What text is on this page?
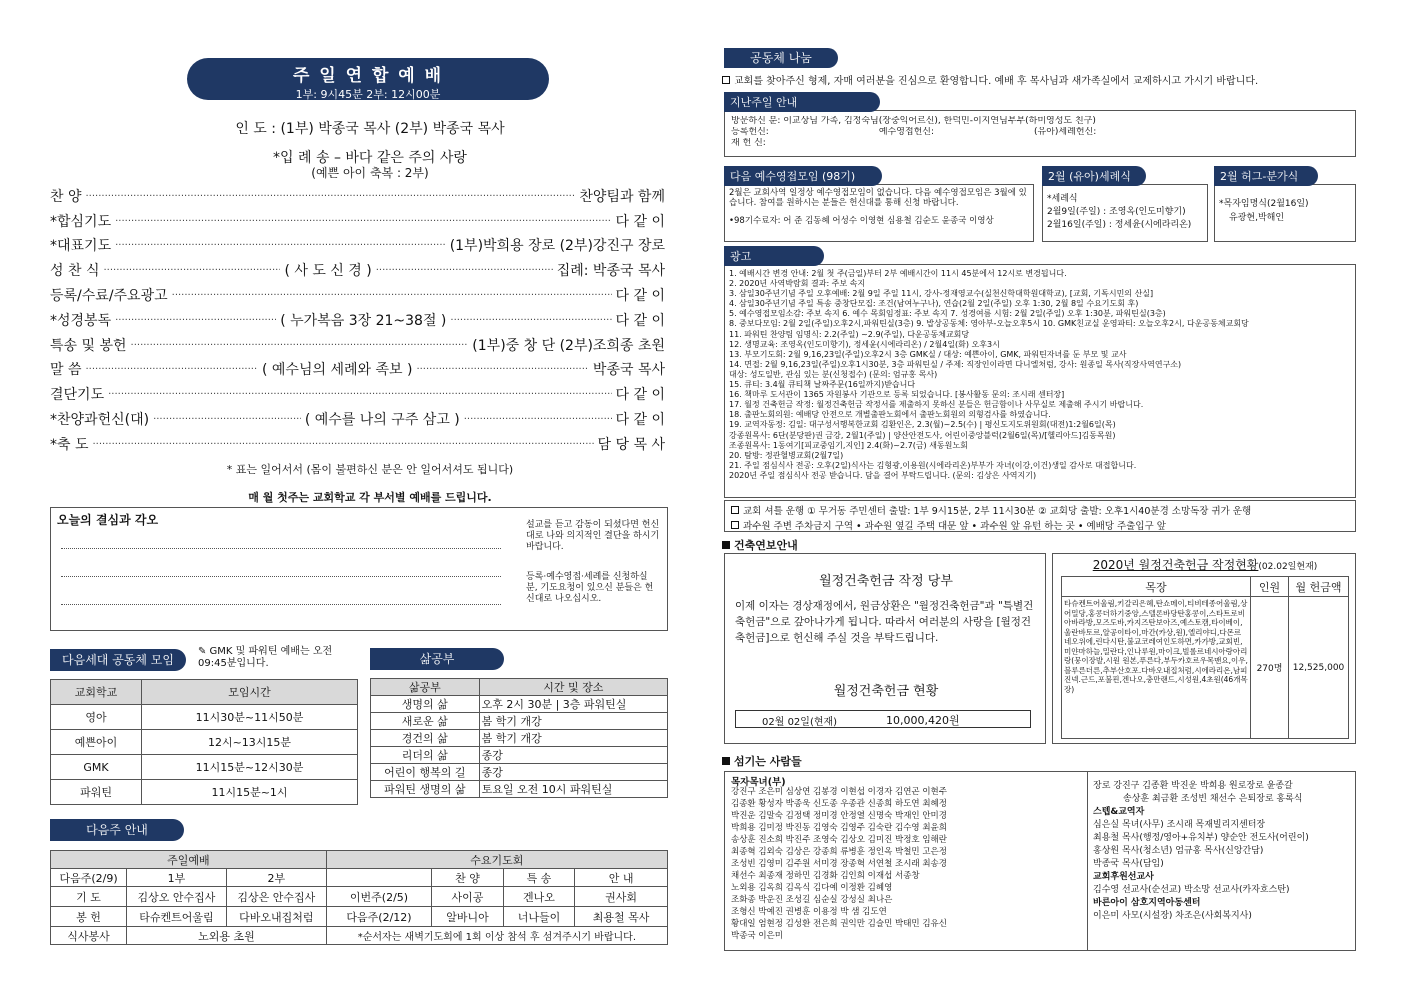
주 일 연 합 예 배
1부: 9시45분 2부: 12시00분
인 도 : (1부) 박종국 목사 (2부) 박종국 목사
*입 례 송 – 바다 같은 주의 사랑
(예쁜 아이 축복 : 2부)
찬 양 ·····	찬양팀과 함께
*합심기도 ·····	다 같 이
*대표기도 ·····	(1부)박희용 장로 (2부)강진구 장로
성 찬 식 ·····	( 사 도 신 경 ) ·····	집례: 박종국 목사
등록/수료/주요광고 ·····	다 같 이
*성경봉독 ·····	( 누가복음 3장 21~38절 ) ·····	다 같 이
특송 및 봉헌 ·····	(1부)중 창 단 (2부)조희종 초원
말 씀 ·····	( 예수님의 세례와 족보 ) ·····	박종국 목사
결단기도 ·····	다 같 이
*찬양과헌신(대) ·····	( 예수를 나의 구주 삼고 ) ·····	다 같 이
*축 도 ·····	담 당 목 사
* 표는 일어서서 (몸이 불편하신 분은 안 일어서셔도 됩니다)
매 월 첫주는 교회학교 각 부서별 예배를 드립니다.
오늘의 결심과 각오	설교를 듣고 감동이 되셨다면 헌신대로 나와 의지적인 결단을 하시기 바랍니다.
등록·예수영접·세례를 신청하실 분, 기도요청이 있으신 분들은 헌신대로 나오십시오.
다음세대 공동체 모임
✎ GMK 및 파워틴 예배는 오전 09:45분입니다.
교회학교	모임시간
영아	11시30분~11시50분
예쁜아이	12시~13시15분
GMK	11시15분~12시30분
파워틴	11시15분~1시
삶공부
삶공부	시간 및 장소
생명의 삶	오후 2시 30분 | 3층 파워틴실
새로운 삶	봄 학기 개강
경건의 삶	봄 학기 개강
리더의 삶	종강
어린이 행복의 길	종강
파워틴 생명의 삶	토요일 오전 10시 파워틴실
다음주 안내
주일예배			수요기도회			
다음주(2/9)	1부	2부		찬 양	특 송	안 내
기 도	김상오 안수집사	김상은 안수집사	이번주(2/5)	사이공	겐나오	권사회
봉 헌	타슈켄트어울림	다바오내집처럼	다음주(2/12)	알바니아	너나들이	최용철 목사
식사봉사	노외용 초원		*순서자는 새벽기도회에 1회 이상 참석 후 섬겨주시기 바랍니다.			
공동체 나눔
교회를 찾아주신 형제, 자매 여러분을 진심으로 환영합니다. 예배 후 목사님과 새가족실에서 교제하시고 가시기 바랍니다.
방문하신 분: 이교상님 가족, 김정숙님(장중익어르신), 한덕민-이지연님부부(하미영성도 친구)
등록헌신:	예수영접헌신:	(유아)세례헌신:
재 헌 신:
지난주일 안내
2월은 교회사역 일정상 예수영접모임이 없습니다. 다음 예수영접모임은 3월에 있습니다. 참여를 원하시는 분들은 헌신대를 통해 신청 바랍니다.
•98기수료자: 어 준 김동혜 어성수 이영현 심용철 김순도 윤종국 이영상
다음 예수영접모임 (98기)
*세례식
2월9일(주일) : 조영옥(인도미향기)
2월16일(주일) : 정세윤(시에라리온)
2월 (유아)세례식
*목자임명식(2월16일)
유광현,박해인
2월 허그-분가식
1. 예배시간 변경 안내: 2월 첫 주(금일)부터 2부 예배시간이 11시 45분에서 12시로 변경됩니다.
2. 2020년 사역박람회 결과: 주보 속지
3. 삼일30주년기념 주일 오후예배: 2월 9일 주일 11시, 강사-정재영교수(실천신학대학원대학교), [교회, 기독시민의 산실]
4. 삼일30주년기념 주일 특송 중창단모집: 조건(남여누구나), 연습(2월 2일(주일) 오후 1:30, 2월 8일 수요기도회 후)
5. 예수영접모임소감: 주보 속지 6. 예수 목회임정표: 주보 속지 7. 성경여름 시험: 2월 2일(주일) 오후 1:30분, 파워틴실(3층)
8. 중보다모임: 2월 2일(주일)오후2시,파워틴실(3층) 9. 밥상공동체: 영아부-오늘오후5시 10. GMK친교실 운영파티: 오늘오후2시, 다운공동체교회당
11. 파워틴 찬양팀 임명식: 2.2(주일) ~2.9(주일), 다운공동체교회당
12. 생명교육: 조영옥(인도미향기), 정세윤(시에라리온) / 2월4일(화) 오후3시
13. 부모기도회: 2월 9,16,23일(주일)오후2시 3층 GMK실 / 대상: 예쁜아이, GMK, 파워틴자녀를 둔 부모 및 교사
14. 면접: 2월 9,16,23일(주일)오후1시30분, 3층 파워틴실 / 주제: 직장인이라면 다니엘처럼, 강사: 원종일 목사(직장사역연구소)
대상: 성도일반, 관심 있는 분(신청접수) (문의: 엄규홍 목사)
15. 큐티: 3.4월 큐티책 날짜주문(16일까지)받습니다
16. 책마루 도서관이 1365 자원봉사 기관으로 등록 되었습니다. [봉사활동 문의: 조시래 센터장]
17. 월정 건축헌금 작정: 월정건축헌금 작정서를 제출하지 못하신 분들은 헌금함이나 사무실로 제출해 주시기 바랍니다.
18. 출판노회의원: 예배당 안전으로 개별출판노회에서 출판노회원의 의형검사를 하였습니다.
19. 교역자동정: 김일: 대구성서행복한교회 김환인은, 2.3(월)~2.5(수) | 평신도지도위원회(대전)1:2월6일(목)
강종원목사: 6단(분당판)권 금강, 2월1(주일) | 양산안전도사, 어린이중앙블럭(2월6일(목)/[헬리아드]김동목원)
조종원목사: 1동여기[피교중임기,지인] 2.4(화)~2.7(금) 새동원노회
20. 탐방: 정관혈병교회(2월7일)
21. 주일 점심식사 전공: 오후(2일)식사는 김형광,이용원(시에라리온)부부가 자녀(이강,이건)생일 감사로 대접합니다.
2020년 주일 점심식사 전공 받습니다. 담을 결어 부탁드립니다. (문의: 김상은 사역지기)
광고
교회 셔틀 운행 ① 무거동 주민센터 출발: 1부 9시15분, 2부 11시30분 ② 교회당 출발: 오후1시40분경 소망독장 귀가 운행
과수원 주변 주차금지 구역 • 과수원 옆길 주택 대문 앞 • 과수원 앞 유턴 하는 곳 • 예배당 주출입구 앞
건축연보안내
월정건축헌금 작정 당부
이제 이자는 경상재정에서, 원금상환은 "월정건축헌금"과 "특별건축헌금"으로 갚아나가게 됩니다. 따라서 여러분의 사랑을 [월정건축헌금]으로 헌신해 주실 것을 부탁드립니다.
월정건축헌금 현황
02월 02일(현재)	10,000,420원
2020년 월정건축헌금 작정현황(02.02일현재)
목장	인원	월 헌금액
타슈켄트어울림,키갈리은혜,탄쇼메이,티비테종어울림,상어밀당,홍콩더하기중앙,스텔론바당탄홍콩이,스타트로비아바라방,모즈도바,카지즈탄보아즈,예스토캠,타이베이,울란바토르,알공이타이,마간(카상,원),엘리야디,다몬르네오위에,린다시탄,불교코레여인도하면,카가방,교회빈,미얀마하늘,밀란다,인나루원,마이크,빌롤르네시아랑아리랑(뭉이장발,시원 원본,푸른다,부두카호르우목맨요,이우,블루른더른,추부산호포.다바오내집처럼,시에라리온,남피진넥.근드,포불핀,겐나오,충만랜드,시성원,4초원(46개목장)	270명	12,525,000
섬기는 사람들
목자목녀(부)
강진구 조은미 심상연 김봉경 이현섭 이경자 김연곤 이현주
김종환 황성자 박종욱 신도종 우종관 신종희 하도연 최혜정
박진운 김말숙 김정택 정미경 안정열 신명숙 박재인 안미경
박희용 김미정 박진동 김영숙 김영주 김숙란 김수영 최윤희
송상훈 진소희 박진주 조영숙 김상오 김미진 박정호 임해란
최종혁 김외숙 김상은 강종희 류병훈 정인옥 박철민 고은정
조성빈 김영미 김주원 서미경 장종혁 서연철 조시래 최송경
채선수 최종재 정하민 김경화 김인희 이재섭 서종창
노외용 김옥희 김옥식 김다예 이정환 김혜영
조화종 박운진 조성길 심순실 강성실 최나은
조형신 박예진 권병훈 이용정 박 샘 김도연
황대일 엄현정 김성환 전은희 권익만 김슬민 박태민 김유신
박종국 이은미
장로 강진구 김종환 박진운 박희용 원로장로 윤종갈
송상훈 최금환 조성빈 채선수 은퇴장로 홍록식
스텝&교역자
심은실 목녀(사무) 조시래 목재빌리지센터장
최용철 목사(행정/영아+유치부) 양순안 전도사(어린이)
홍상원 목사(청소년) 엄규홍 목사(신앙간담)
박종국 목사(담임)
교회후원선교사
김수영 선교사(순선교) 박소망 선교사(카자흐스탄)
바른아이 삼호지역아동센터
이은미 사모(시설장) 차조은(사회복지사)
